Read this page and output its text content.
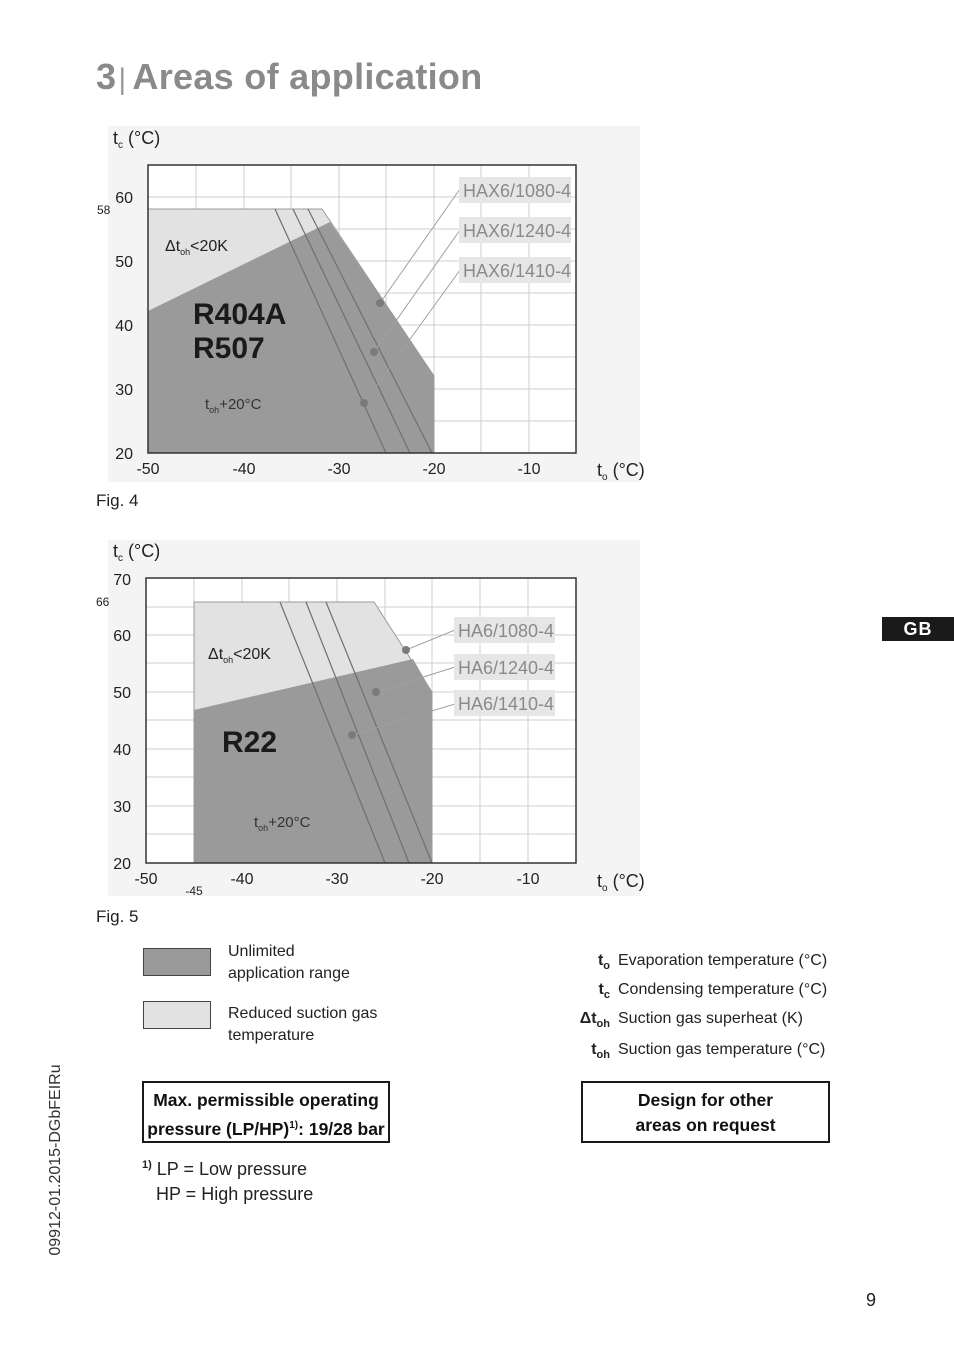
3| Areas of application
HAX6/1080-4
HAX6/1240-4
HAX6/1410-4
$t_c$ (°C)
20
30
40
50
60
58
-50	-40	-30	-20	-10	$t_o$ (°C)
$\Delta t_{oh}<20K$
R404A
R507
$t_{oh}+20^\circ C$
Fig. 4
HA6/1080-4
HA6/1240-4
HA6/1410-4
$t_c$ (°C)
20
30
40
50
60
70
66
-50	-40	-30	-20	-10
-45	$t_o$ (°C)
$\Delta t_{oh}<20K$
R22
$t_{oh}+20^\circ C$
Fig. 5
GB
Unlimited
application range
Reduced suction gas
temperature
$t_o$ Evaporation temperature (°C)
$t_c$ Condensing temperature (°C)
$\Delta t_{oh}$ Suction gas superheat (K)
$t_{oh}$ Suction gas temperature (°C)
Max. permissible operating
pressure $(LP/HP)^{1)}$: 19/28 bar
Design for other
areas on request
$^{1)}$ LP = Low pressure
HP = High pressure
09912-01.2015-DGbFEIRu
9
